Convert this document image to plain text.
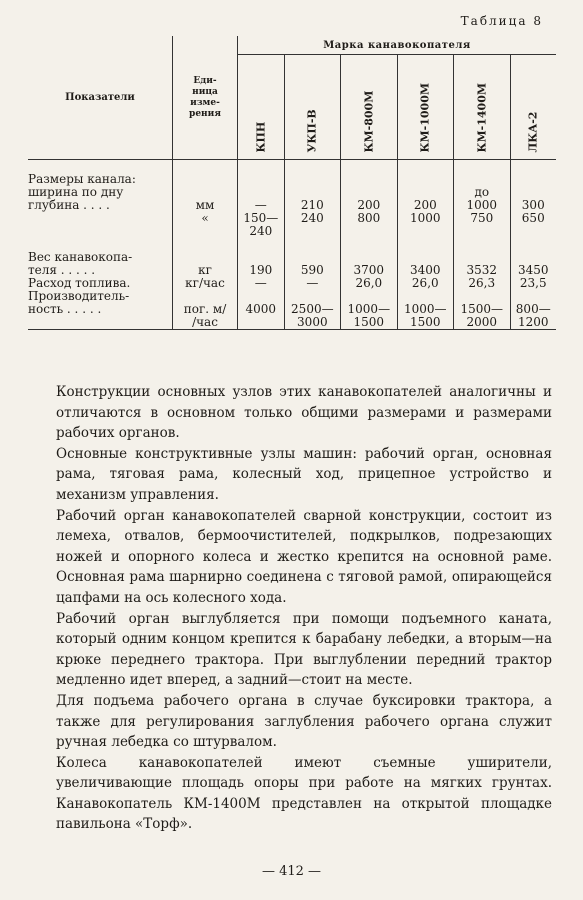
Таблица 8
Показатели	Еди-
ница
изме-
рения	Марка канавокопателя					

		КПН	УКП-В	КМ-800М	КМ-1000М	КМ-1400М	ЛКА-2

Размеры канала:							
ширина по дну						до	
глубина . . . .	мм	—	210	200	200	1000	300
	«	150—	240	800	1000	750	650
		240					

Вес канавокопа-							
теля . . . . .	кг	190	590	3700	3400	3532	3450
Расход топлива.	кг/час	—	—	26,0	26,0	26,3	23,5
Производитель-							
ность . . . . .	пог. м/	4000	2500—	1000—	1000—	1500—	800—
	/час		3000	1500	1500	2000	1200

Конструкции основных узлов этих канавокопателей аналогичны и отличаются в основном только общими размерами и размерами рабочих органов.

Основные конструктивные узлы машин: рабочий орган, основная рама, тяговая рама, колесный ход, прицепное устройство и механизм управления.

Рабочий орган канавокопателей сварной конструкции, состоит из лемеха, отвалов, бермоочистителей, подкрылков, подрезающих ножей и опорного колеса и жестко крепится на основной раме. Основная рама шарнирно соединена с тяговой рамой, опирающейся цапфами на ось колесного хода.

Рабочий орган выглубляется при помощи подъемного каната, который одним концом крепится к барабану лебедки, а вторым—на крюке переднего трактора. При выглублении передний трактор медленно идет вперед, а задний—стоит на месте.

Для подъема рабочего органа в случае буксировки трактора, а также для регулирования заглубления рабочего органа служит ручная лебедка со штурвалом.

Колеса канавокопателей имеют съемные уширители, увеличивающие площадь опоры при работе на мягких грунтах. Канавокопатель КМ-1400М представлен на открытой площадке павильона «Торф».

— 412 —
